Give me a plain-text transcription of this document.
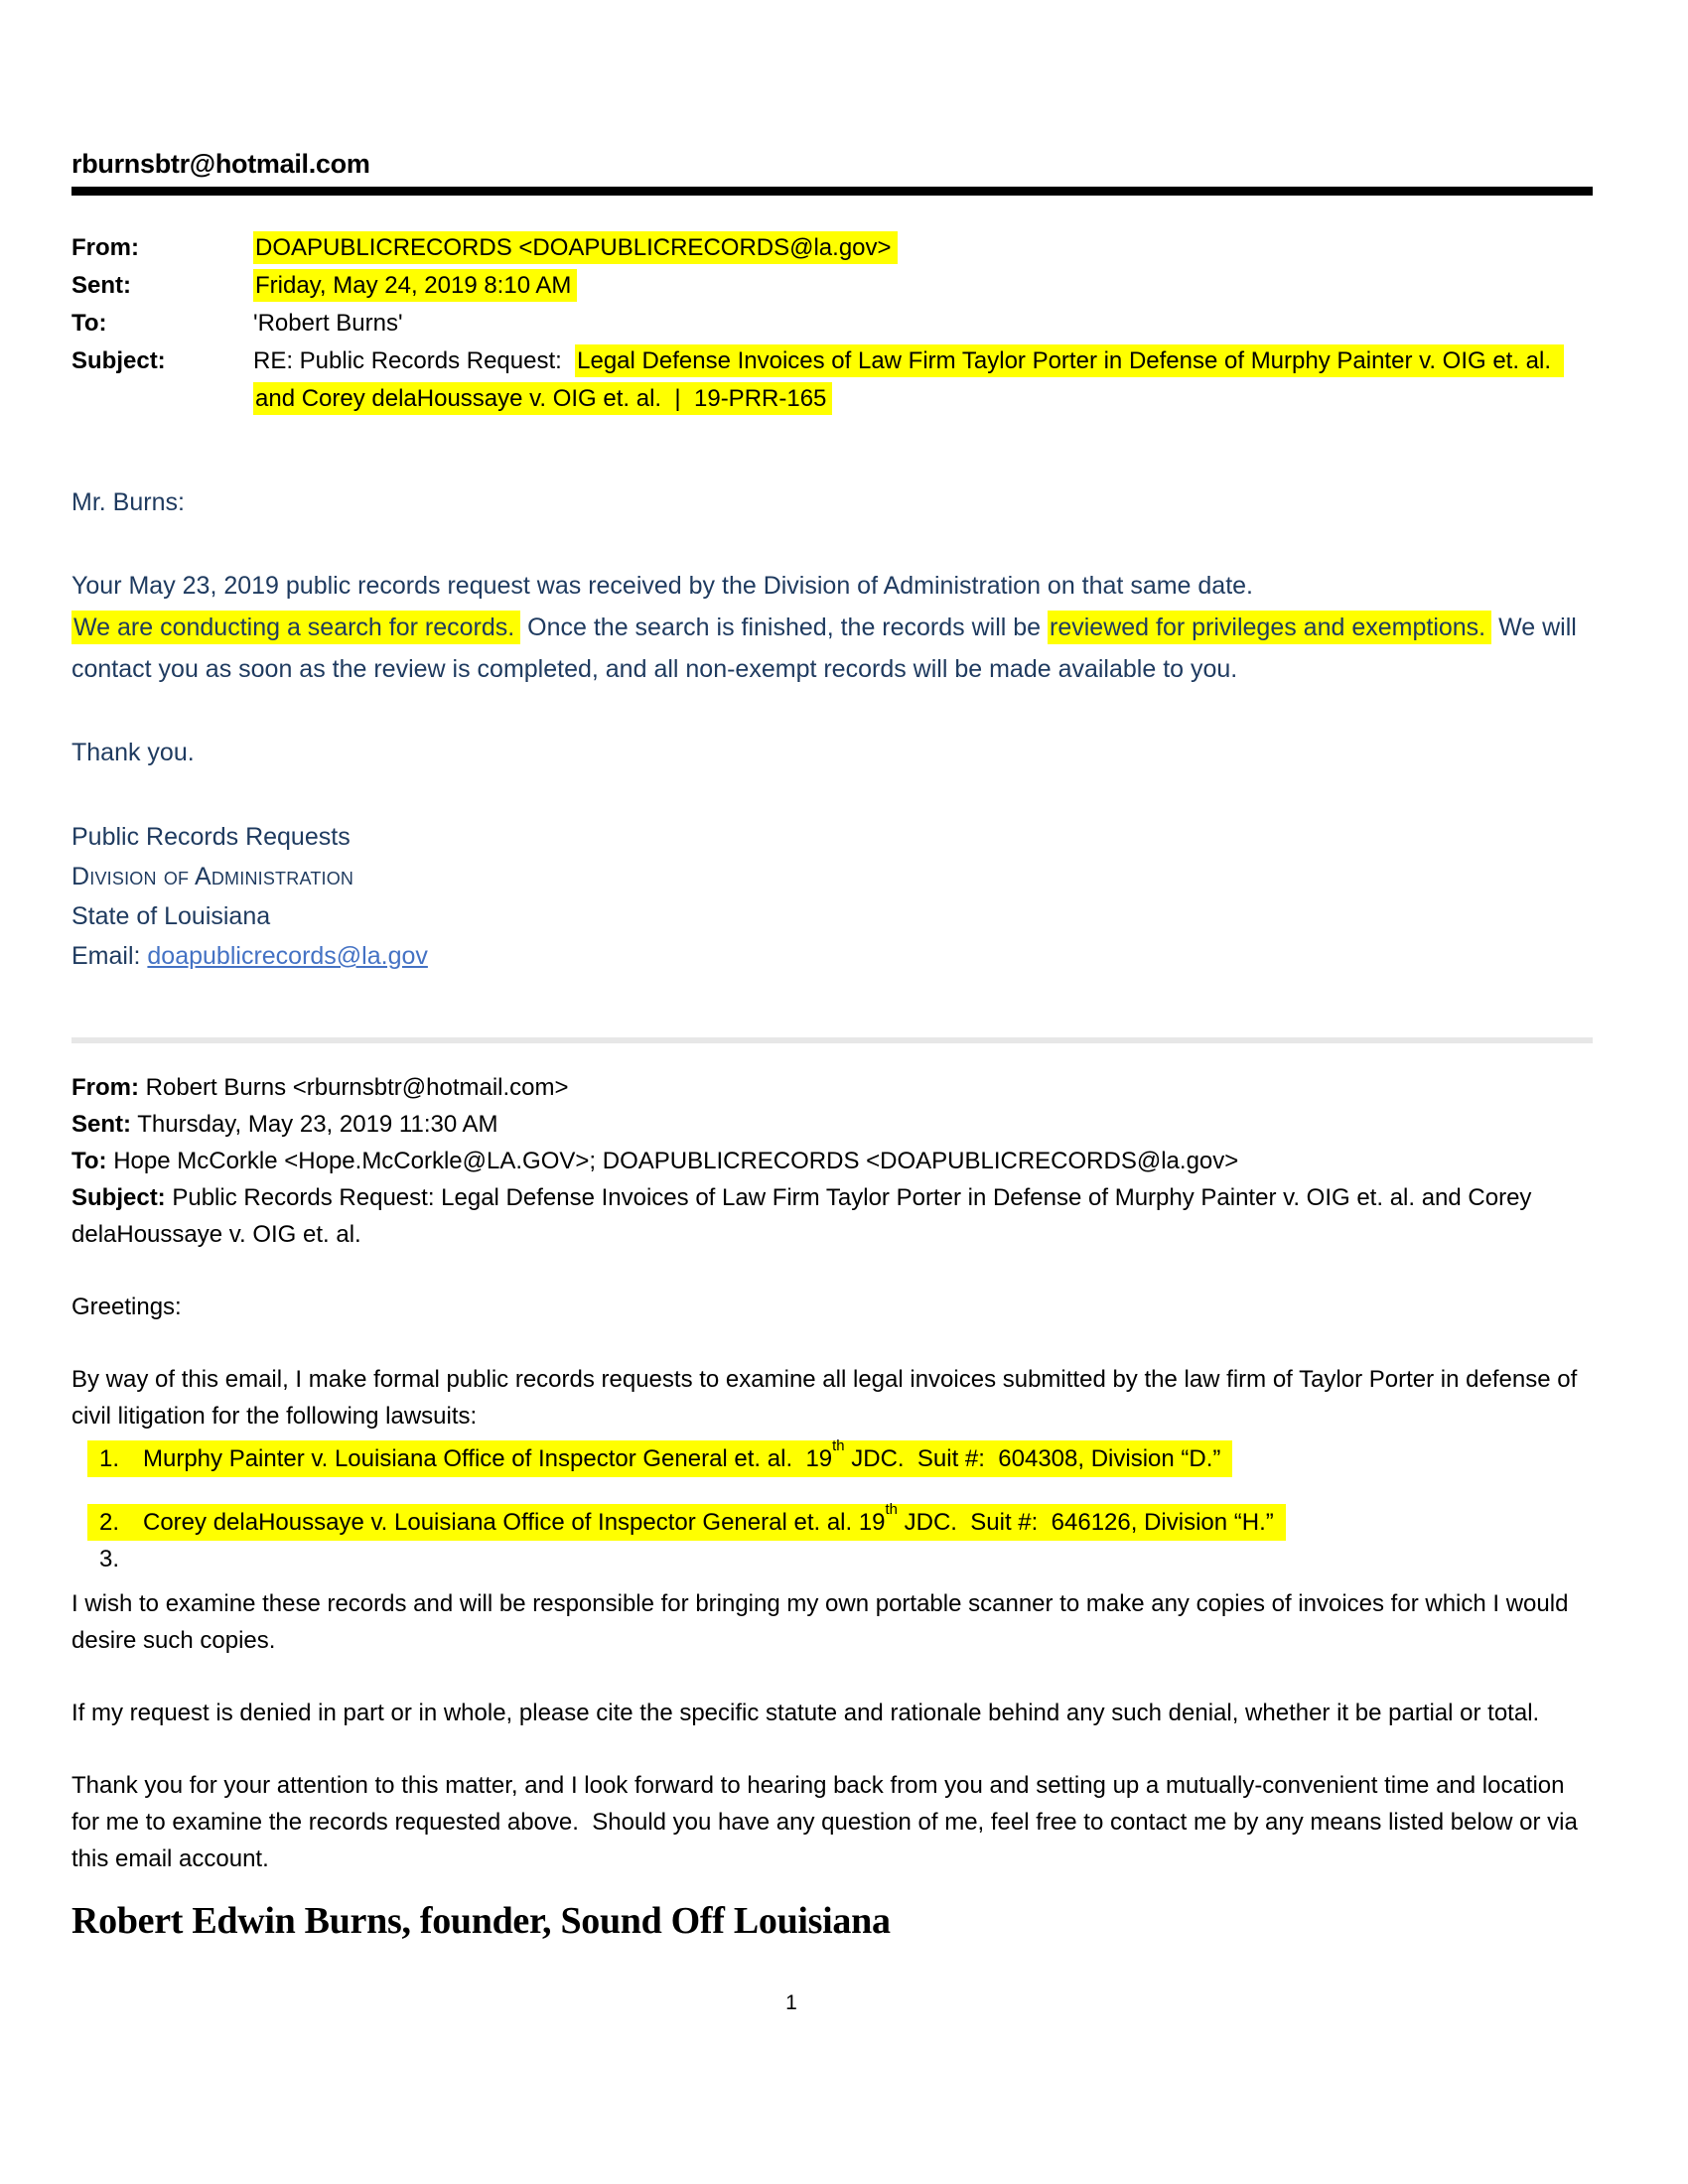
rburnsbtr@hotmail.com
From:	DOAPUBLICRECORDS <DOAPUBLICRECORDS@la.gov>
Sent:	Friday, May 24, 2019 8:10 AM
To:	'Robert Burns'
Subject:	RE: Public Records Request:  Legal Defense Invoices of Law Firm Taylor Porter in Defense of Murphy Painter v. OIG et. al. and Corey delaHoussaye v. OIG et. al.  |  19-PRR-165
Mr. Burns:
Your May 23, 2019 public records request was received by the Division of Administration on that same date.
We are conducting a search for records. Once the search is finished, the records will be reviewed for privileges and exemptions. We will contact you as soon as the review is completed, and all non-exempt records will be made available to you.
Thank you.
Public Records Requests
Division of Administration
State of Louisiana
Email: doapublicrecords@la.gov
From: Robert Burns <rburnsbtr@hotmail.com>
Sent: Thursday, May 23, 2019 11:30 AM
To: Hope McCorkle <Hope.McCorkle@LA.GOV>; DOAPUBLICRECORDS <DOAPUBLICRECORDS@la.gov>
Subject: Public Records Request: Legal Defense Invoices of Law Firm Taylor Porter in Defense of Murphy Painter v. OIG et. al. and Corey delaHoussaye v. OIG et. al.
Greetings:
By way of this email, I make formal public records requests to examine all legal invoices submitted by the law firm of Taylor Porter in defense of civil litigation for the following lawsuits:
1. Murphy Painter v. Louisiana Office of Inspector General et. al.  19th JDC.  Suit #:  604308, Division “D.”
2. Corey delaHoussaye v. Louisiana Office of Inspector General et. al. 19th JDC.  Suit #:  646126, Division “H.”
3.
I wish to examine these records and will be responsible for bringing my own portable scanner to make any copies of invoices for which I would desire such copies.
If my request is denied in part or in whole, please cite the specific statute and rationale behind any such denial, whether it be partial or total.
Thank you for your attention to this matter, and I look forward to hearing back from you and setting up a mutually-convenient time and location for me to examine the records requested above.  Should you have any question of me, feel free to contact me by any means listed below or via this email account.
Robert Edwin Burns, founder, Sound Off Louisiana
1
